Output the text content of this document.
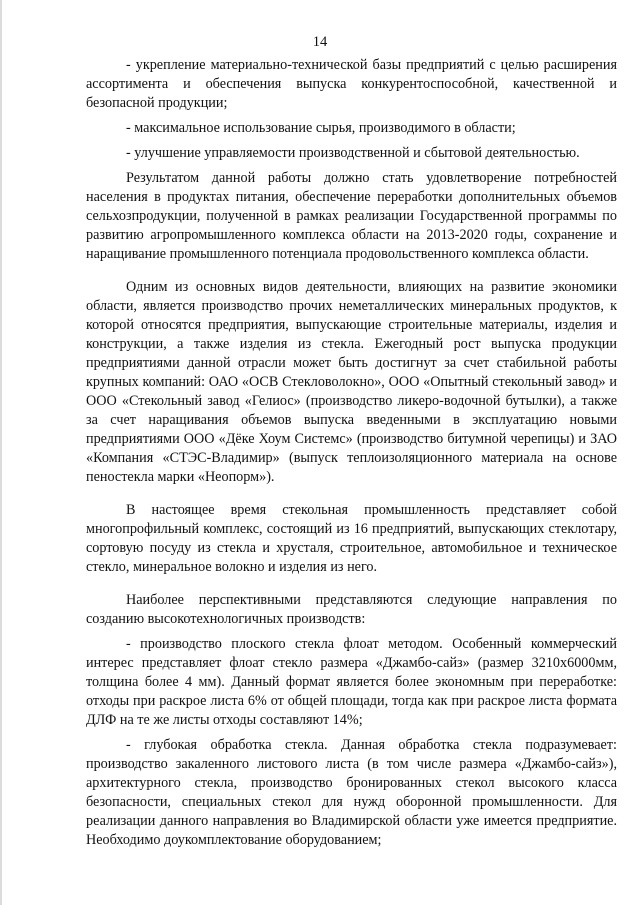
14

- укрепление материально-технической базы предприятий с целью расширения ассортимента и обеспечения выпуска конкурентоспособной, качественной и безопасной продукции;

- максимальное использование сырья, производимого в области;

- улучшение управляемости производственной и сбытовой деятельностью.

Результатом данной работы должно стать удовлетворение потребностей населения в продуктах питания, обеспечение переработки дополнительных объемов сельхозпродукции, полученной в рамках реализации Государственной программы по развитию агропромышленного комплекса области на 2013-2020 годы, сохранение и наращивание промышленного потенциала продовольственного комплекса области.

Одним из основных видов деятельности, влияющих на развитие экономики области, является производство прочих неметаллических минеральных продуктов, к которой относятся предприятия, выпускающие строительные материалы, изделия и конструкции, а также изделия из стекла. Ежегодный рост выпуска продукции предприятиями данной отрасли может быть достигнут за счет стабильной работы крупных компаний: ОАО «ОСВ Стекловолокно», ООО «Опытный стекольный завод» и ООО «Стекольный завод «Гелиос» (производство ликеро-водочной бутылки), а также за счет наращивания объемов выпуска введенными в эксплуатацию новыми предприятиями ООО «Дёке Хоум Системс» (производство битумной черепицы) и ЗАО «Компания «СТЭС-Владимир» (выпуск теплоизоляционного материала на основе пеностекла марки «Неопорм»).

В настоящее время стекольная промышленность представляет собой многопрофильный комплекс, состоящий из 16 предприятий, выпускающих стеклотару, сортовую посуду из стекла и хрусталя, строительное, автомобильное и техническое стекло, минеральное волокно и изделия из него.

Наиболее перспективными представляются следующие направления по созданию высокотехнологичных производств:

- производство плоского стекла флоат методом. Особенный коммерческий интерес представляет флоат стекло размера «Джамбо-сайз» (размер 3210х6000мм, толщина более 4 мм). Данный формат является более экономным при переработке: отходы при раскрое листа 6% от общей площади, тогда как при раскрое листа формата ДЛФ на те же листы отходы составляют 14%;

- глубокая обработка стекла. Данная обработка стекла подразумевает: производство закаленного листового листа (в том числе размера «Джамбо-сайз»), архитектурного стекла, производство бронированных стекол высокого класса безопасности, специальных стекол для нужд оборонной промышленности. Для реализации данного направления во Владимирской области уже имеется предприятие. Необходимо доукомплектование оборудованием;
